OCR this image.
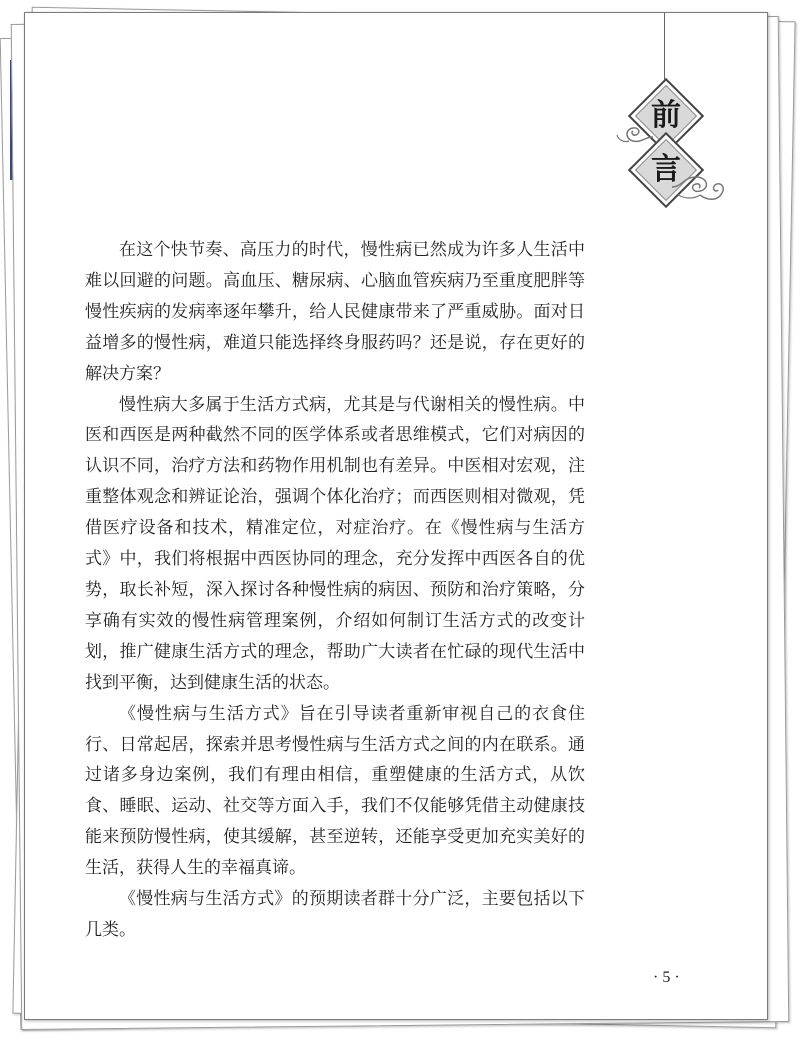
前
言

在这个快节奏、高压力的时代，慢性病已然成为许多人生活中难以回避的问题。高血压、糖尿病、心脑血管疾病乃至重度肥胖等慢性疾病的发病率逐年攀升，给人民健康带来了严重威胁。面对日益增多的慢性病，难道只能选择终身服药吗？还是说，存在更好的解决方案？

慢性病大多属于生活方式病，尤其是与代谢相关的慢性病。中医和西医是两种截然不同的医学体系或者思维模式，它们对病因的认识不同，治疗方法和药物作用机制也有差异。中医相对宏观，注重整体观念和辨证论治，强调个体化治疗；而西医则相对微观，凭借医疗设备和技术，精准定位，对症治疗。在《慢性病与生活方式》中，我们将根据中西医协同的理念，充分发挥中西医各自的优势，取长补短，深入探讨各种慢性病的病因、预防和治疗策略，分享确有实效的慢性病管理案例，介绍如何制订生活方式的改变计划，推广健康生活方式的理念，帮助广大读者在忙碌的现代生活中找到平衡，达到健康生活的状态。

《慢性病与生活方式》旨在引导读者重新审视自己的衣食住行、日常起居，探索并思考慢性病与生活方式之间的内在联系。通过诸多身边案例，我们有理由相信，重塑健康的生活方式，从饮食、睡眠、运动、社交等方面入手，我们不仅能够凭借主动健康技能来预防慢性病，使其缓解，甚至逆转，还能享受更加充实美好的生活，获得人生的幸福真谛。

《慢性病与生活方式》的预期读者群十分广泛，主要包括以下几类。

· 5 ·
